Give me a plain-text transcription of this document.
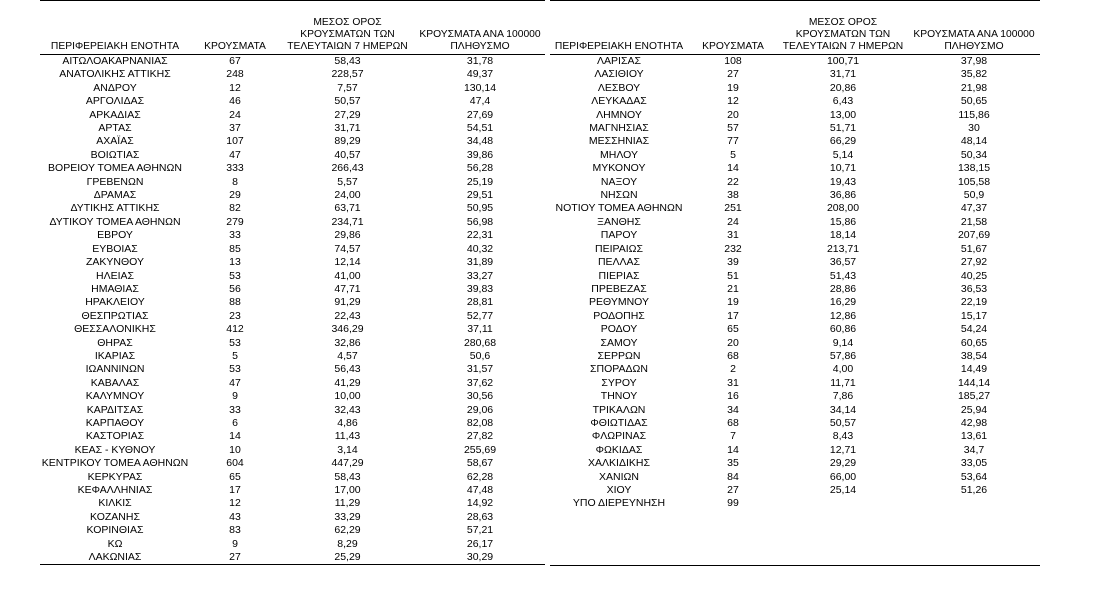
ΠΕΡΙΦΕΡΕΙΑΚΗ ΕΝΟΤΗΤΑ	ΚΡΟΥΣΜΑΤΑ	ΜΕΣΟΣ ΟΡΟΣ ΚΡΟΥΣΜΑΤΩΝ ΤΩΝ ΤΕΛΕΥΤΑΙΩΝ 7 ΗΜΕΡΩΝ	ΚΡΟΥΣΜΑΤΑ ΑΝΑ 100000 ΠΛΗΘΥΣΜΟ
ΑΙΤΩΛΟΑΚΑΡΝΑΝΙΑΣ	67	58,43	31,78
ΑΝΑΤΟΛΙΚΗΣ ΑΤΤΙΚΗΣ	248	228,57	49,37
ΑΝΔΡΟΥ	12	7,57	130,14
ΑΡΓΟΛΙΔΑΣ	46	50,57	47,4
ΑΡΚΑΔΙΑΣ	24	27,29	27,69
ΑΡΤΑΣ	37	31,71	54,51
ΑΧΑΪΑΣ	107	89,29	34,48
ΒΟΙΩΤΙΑΣ	47	40,57	39,86
ΒΟΡΕΙΟΥ ΤΟΜΕΑ ΑΘΗΝΩΝ	333	266,43	56,28
ΓΡΕΒΕΝΩΝ	8	5,57	25,19
ΔΡΑΜΑΣ	29	24,00	29,51
ΔΥΤΙΚΗΣ ΑΤΤΙΚΗΣ	82	63,71	50,95
ΔΥΤΙΚΟΥ ΤΟΜΕΑ ΑΘΗΝΩΝ	279	234,71	56,98
ΕΒΡΟΥ	33	29,86	22,31
ΕΥΒΟΙΑΣ	85	74,57	40,32
ΖΑΚΥΝΘΟΥ	13	12,14	31,89
ΗΛΕΙΑΣ	53	41,00	33,27
ΗΜΑΘΙΑΣ	56	47,71	39,83
ΗΡΑΚΛΕΙΟΥ	88	91,29	28,81
ΘΕΣΠΡΩΤΙΑΣ	23	22,43	52,77
ΘΕΣΣΑΛΟΝΙΚΗΣ	412	346,29	37,11
ΘΗΡΑΣ	53	32,86	280,68
ΙΚΑΡΙΑΣ	5	4,57	50,6
ΙΩΑΝΝΙΝΩΝ	53	56,43	31,57
ΚΑΒΑΛΑΣ	47	41,29	37,62
ΚΑΛΥΜΝΟΥ	9	10,00	30,56
ΚΑΡΔΙΤΣΑΣ	33	32,43	29,06
ΚΑΡΠΑΘΟΥ	6	4,86	82,08
ΚΑΣΤΟΡΙΑΣ	14	11,43	27,82
ΚΕΑΣ - ΚΥΘΝΟΥ	10	3,14	255,69
ΚΕΝΤΡΙΚΟΥ ΤΟΜΕΑ ΑΘΗΝΩΝ	604	447,29	58,67
ΚΕΡΚΥΡΑΣ	65	58,43	62,28
ΚΕΦΑΛΛΗΝΙΑΣ	17	17,00	47,48
ΚΙΛΚΙΣ	12	11,29	14,92
ΚΟΖΑΝΗΣ	43	33,29	28,63
ΚΟΡΙΝΘΙΑΣ	83	62,29	57,21
ΚΩ	9	8,29	26,17
ΛΑΚΩΝΙΑΣ	27	25,29	30,29
ΠΕΡΙΦΕΡΕΙΑΚΗ ΕΝΟΤΗΤΑ	ΚΡΟΥΣΜΑΤΑ	ΜΕΣΟΣ ΟΡΟΣ ΚΡΟΥΣΜΑΤΩΝ ΤΩΝ ΤΕΛΕΥΤΑΙΩΝ 7 ΗΜΕΡΩΝ	ΚΡΟΥΣΜΑΤΑ ΑΝΑ 100000 ΠΛΗΘΥΣΜΟ
ΛΑΡΙΣΑΣ	108	100,71	37,98
ΛΑΣΙΘΙΟΥ	27	31,71	35,82
ΛΕΣΒΟΥ	19	20,86	21,98
ΛΕΥΚΑΔΑΣ	12	6,43	50,65
ΛΗΜΝΟΥ	20	13,00	115,86
ΜΑΓΝΗΣΙΑΣ	57	51,71	30
ΜΕΣΣΗΝΙΑΣ	77	66,29	48,14
ΜΗΛΟΥ	5	5,14	50,34
ΜΥΚΟΝΟΥ	14	10,71	138,15
ΝΑΞΟΥ	22	19,43	105,58
ΝΗΣΩΝ	38	36,86	50,9
ΝΟΤΙΟΥ ΤΟΜΕΑ ΑΘΗΝΩΝ	251	208,00	47,37
ΞΑΝΘΗΣ	24	15,86	21,58
ΠΑΡΟΥ	31	18,14	207,69
ΠΕΙΡΑΙΩΣ	232	213,71	51,67
ΠΕΛΛΑΣ	39	36,57	27,92
ΠΙΕΡΙΑΣ	51	51,43	40,25
ΠΡΕΒΕΖΑΣ	21	28,86	36,53
ΡΕΘΥΜΝΟΥ	19	16,29	22,19
ΡΟΔΟΠΗΣ	17	12,86	15,17
ΡΟΔΟΥ	65	60,86	54,24
ΣΑΜΟΥ	20	9,14	60,65
ΣΕΡΡΩΝ	68	57,86	38,54
ΣΠΟΡΑΔΩΝ	2	4,00	14,49
ΣΥΡΟΥ	31	11,71	144,14
ΤΗΝΟΥ	16	7,86	185,27
ΤΡΙΚΑΛΩΝ	34	34,14	25,94
ΦΘΙΩΤΙΔΑΣ	68	50,57	42,98
ΦΛΩΡΙΝΑΣ	7	8,43	13,61
ΦΩΚΙΔΑΣ	14	12,71	34,7
ΧΑΛΚΙΔΙΚΗΣ	35	29,29	33,05
ΧΑΝΙΩΝ	84	66,00	53,64
ΧΙΟΥ	27	25,14	51,26
ΥΠΟ ΔΙΕΡΕΥΝΗΣΗ	99		
